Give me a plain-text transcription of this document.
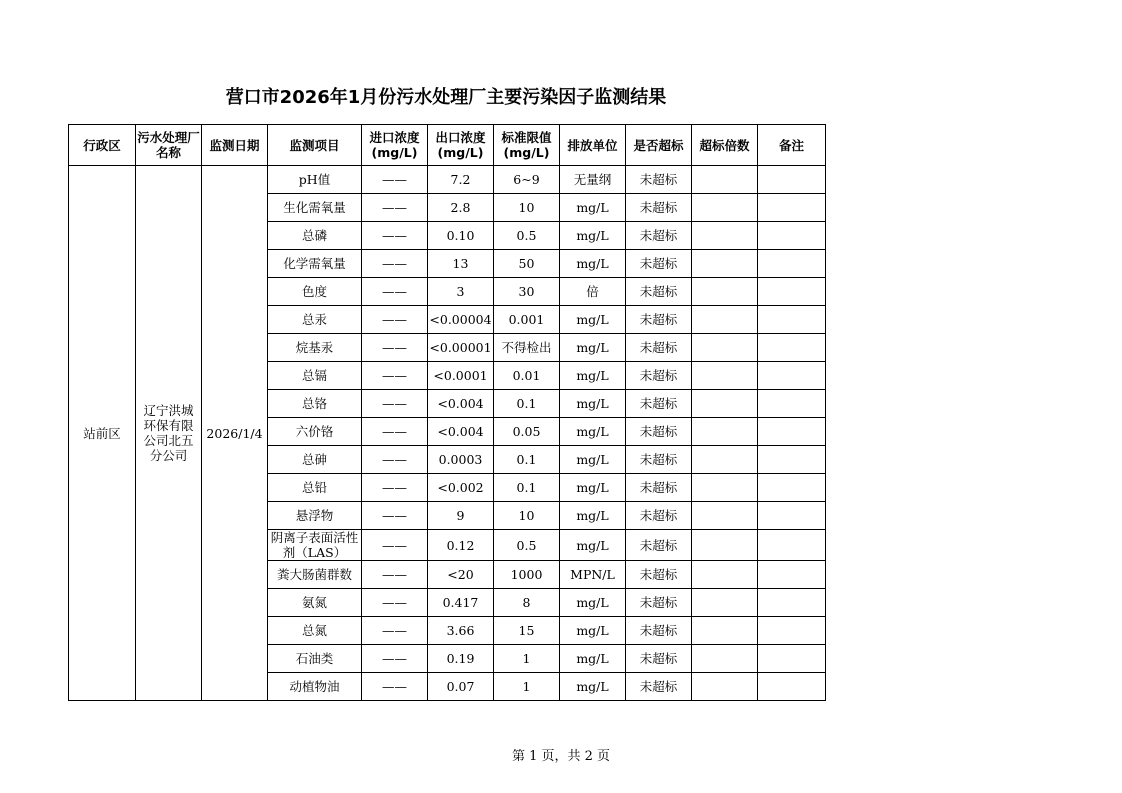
营口市2026年1月份污水处理厂主要污染因子监测结果
行政区	污水处理厂名称	监测日期	监测项目	进口浓度(mg/L)	出口浓度(mg/L)	标准限值(mg/L)	排放单位	是否超标	超标倍数	备注
站前区	辽宁洪城环保有限公司北五分公司	2026/1/4	pH值	——	7.2	6~9	无量纲	未超标		
			生化需氧量	——	2.8	10	mg/L	未超标		
			总磷	——	0.10	0.5	mg/L	未超标		
			化学需氧量	——	13	50	mg/L	未超标		
			色度	——	3	30	倍	未超标		
			总汞	——	<0.00004	0.001	mg/L	未超标		
			烷基汞	——	<0.00001	不得检出	mg/L	未超标		
			总镉	——	<0.0001	0.01	mg/L	未超标		
			总铬	——	<0.004	0.1	mg/L	未超标		
			六价铬	——	<0.004	0.05	mg/L	未超标		
			总砷	——	0.0003	0.1	mg/L	未超标		
			总铅	——	<0.002	0.1	mg/L	未超标		
			悬浮物	——	9	10	mg/L	未超标		
			阴离子表面活性剂（LAS）	——	0.12	0.5	mg/L	未超标		
			粪大肠菌群数	——	<20	1000	MPN/L	未超标		
			氨氮	——	0.417	8	mg/L	未超标		
			总氮	——	3.66	15	mg/L	未超标		
			石油类	——	0.19	1	mg/L	未超标		
			动植物油	——	0.07	1	mg/L	未超标		
第 1 页，共 2 页
